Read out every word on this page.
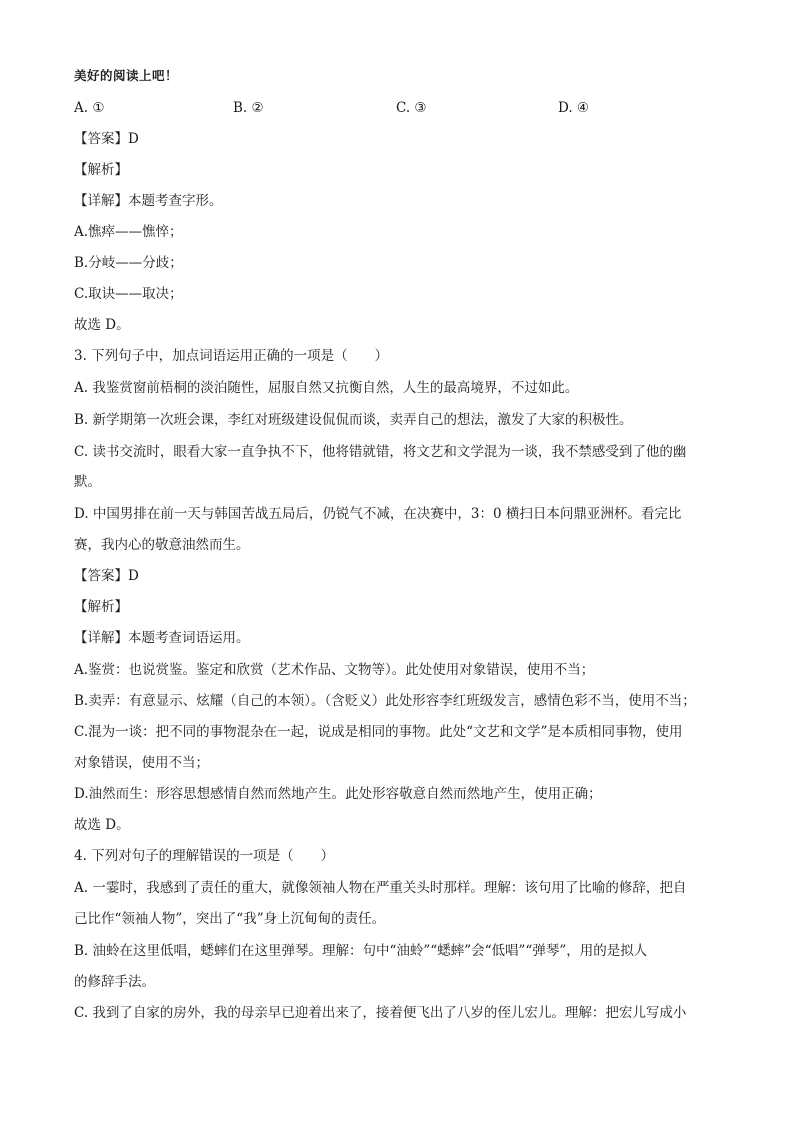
美好的阅读上吧！
A. ①	B. ②	C. ③	D. ④
【答案】D
【解析】
【详解】本题考查字形。
A.憔瘁——憔悴；
B.分岐——分歧；
C.取诀——取决；
故选 D。
3. 下列句子中，加点词语运用正确的一项是（　　）
A. 我鉴赏窗前梧桐的淡泊随性，屈服自然又抗衡自然，人生的最高境界，不过如此。
B. 新学期第一次班会课，李红对班级建设侃侃而谈，卖弄自己的想法，激发了大家的积极性。
C. 读书交流时，眼看大家一直争执不下，他将错就错，将文艺和文学混为一谈，我不禁感受到了他的幽
默。
D. 中国男排在前一天与韩国苦战五局后，仍锐气不减，在决赛中，3：0 横扫日本问鼎亚洲杯。看完比
赛，我内心的敬意油然而生。
【答案】D
【解析】
【详解】本题考查词语运用。
A.鉴赏：也说赏鉴。鉴定和欣赏（艺术作品、文物等）。此处使用对象错误，使用不当；
B.卖弄：有意显示、炫耀（自己的本领）。（含贬义）此处形容李红班级发言，感情色彩不当，使用不当；
C.混为一谈：把不同的事物混杂在一起，说成是相同的事物。此处“文艺和文学”是本质相同事物，使用
对象错误，使用不当；
D.油然而生：形容思想感情自然而然地产生。此处形容敬意自然而然地产生，使用正确；
故选 D。
4. 下列对句子的理解错误的一项是（　　）
A. 一霎时，我感到了责任的重大，就像领袖人物在严重关头时那样。理解：该句用了比喻的修辞，把自
己比作“领袖人物”，突出了“我”身上沉甸甸的责任。
B. 油蛉在这里低唱，蟋蟀们在这里弹琴。理解：句中“油蛉”“蟋蟀”会“低唱”“弹琴”，用的是拟人
的修辞手法。
C. 我到了自家的房外，我的母亲早已迎着出来了，接着便飞出了八岁的侄儿宏儿。理解：把宏儿写成小
